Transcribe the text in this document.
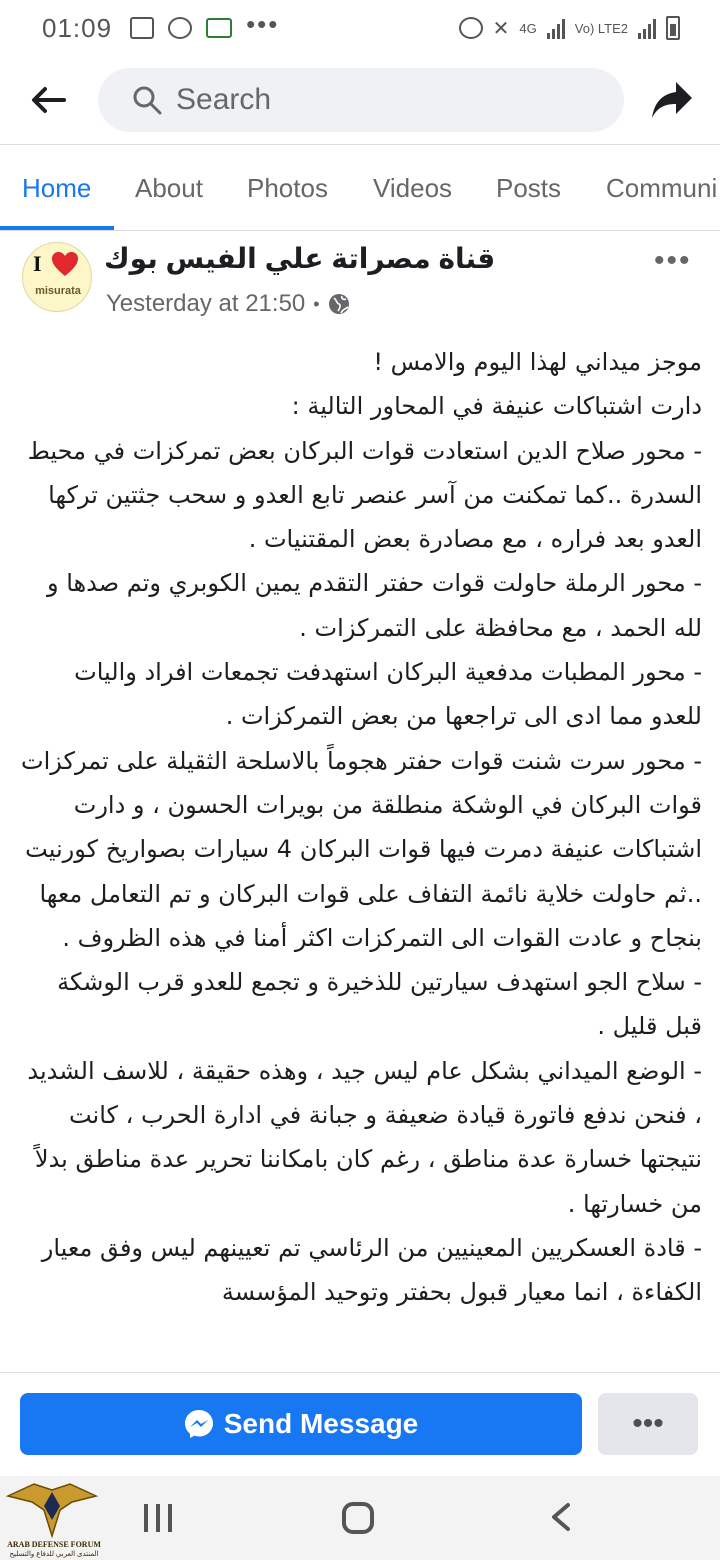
01:09	•••	✕ 4G	Vo) LTE2
Search
Home About Photos Videos Posts Communi
I
misurata
قناة مصراتة علي الفيس بوك
Yesterday at 21:50 •
•••

موجز ميداني لهذا اليوم والامس !

دارت اشتباكات عنيفة في المحاور التالية :

- محور صلاح الدين استعادت قوات البركان بعض تمركزات في محيط السدرة ..كما تمكنت من آسر عنصر تابع العدو و سحب جثتين تركها العدو بعد فراره ، مع مصادرة بعض المقتنيات .

- محور الرملة حاولت قوات حفتر التقدم يمين الكوبري وتم صدها و لله الحمد ، مع محافظة على التمركزات .

- محور المطبات مدفعية البركان استهدفت تجمعات افراد واليات للعدو مما ادى الى تراجعها من بعض التمركزات .

- محور سرت شنت قوات حفتر هجوماً بالاسلحة الثقيلة على تمركزات قوات البركان في الوشكة منطلقة من بويرات الحسون ، و دارت اشتباكات عنيفة دمرت فيها قوات البركان 4 سيارات بصواريخ كورنيت ..ثم حاولت خلاية نائمة التفاف على قوات البركان و تم التعامل معها بنجاح و عادت القوات الى التمركزات اكثر أمنا في هذه الظروف .

- سلاح الجو استهدف سيارتين للذخيرة و تجمع للعدو قرب الوشكة قبل قليل .

- الوضع الميداني بشكل عام ليس جيد ، وهذه حقيقة ، للاسف الشديد ، فنحن ندفع فاتورة قيادة ضعيفة و جبانة في ادارة الحرب ، كانت نتيجتها خسارة عدة مناطق ، رغم كان بامكاننا تحرير عدة مناطق بدلاً من خسارتها .

- قادة العسكريين المعينيين من الرئاسي تم تعيينهم ليس وفق معيار الكفاءة ، انما معيار قبول بحفتر وتوحيد المؤسسة

Send Message	•••
ARAB DEFENSE FORUM
المنتدى العربي للدفاع والتسليح
